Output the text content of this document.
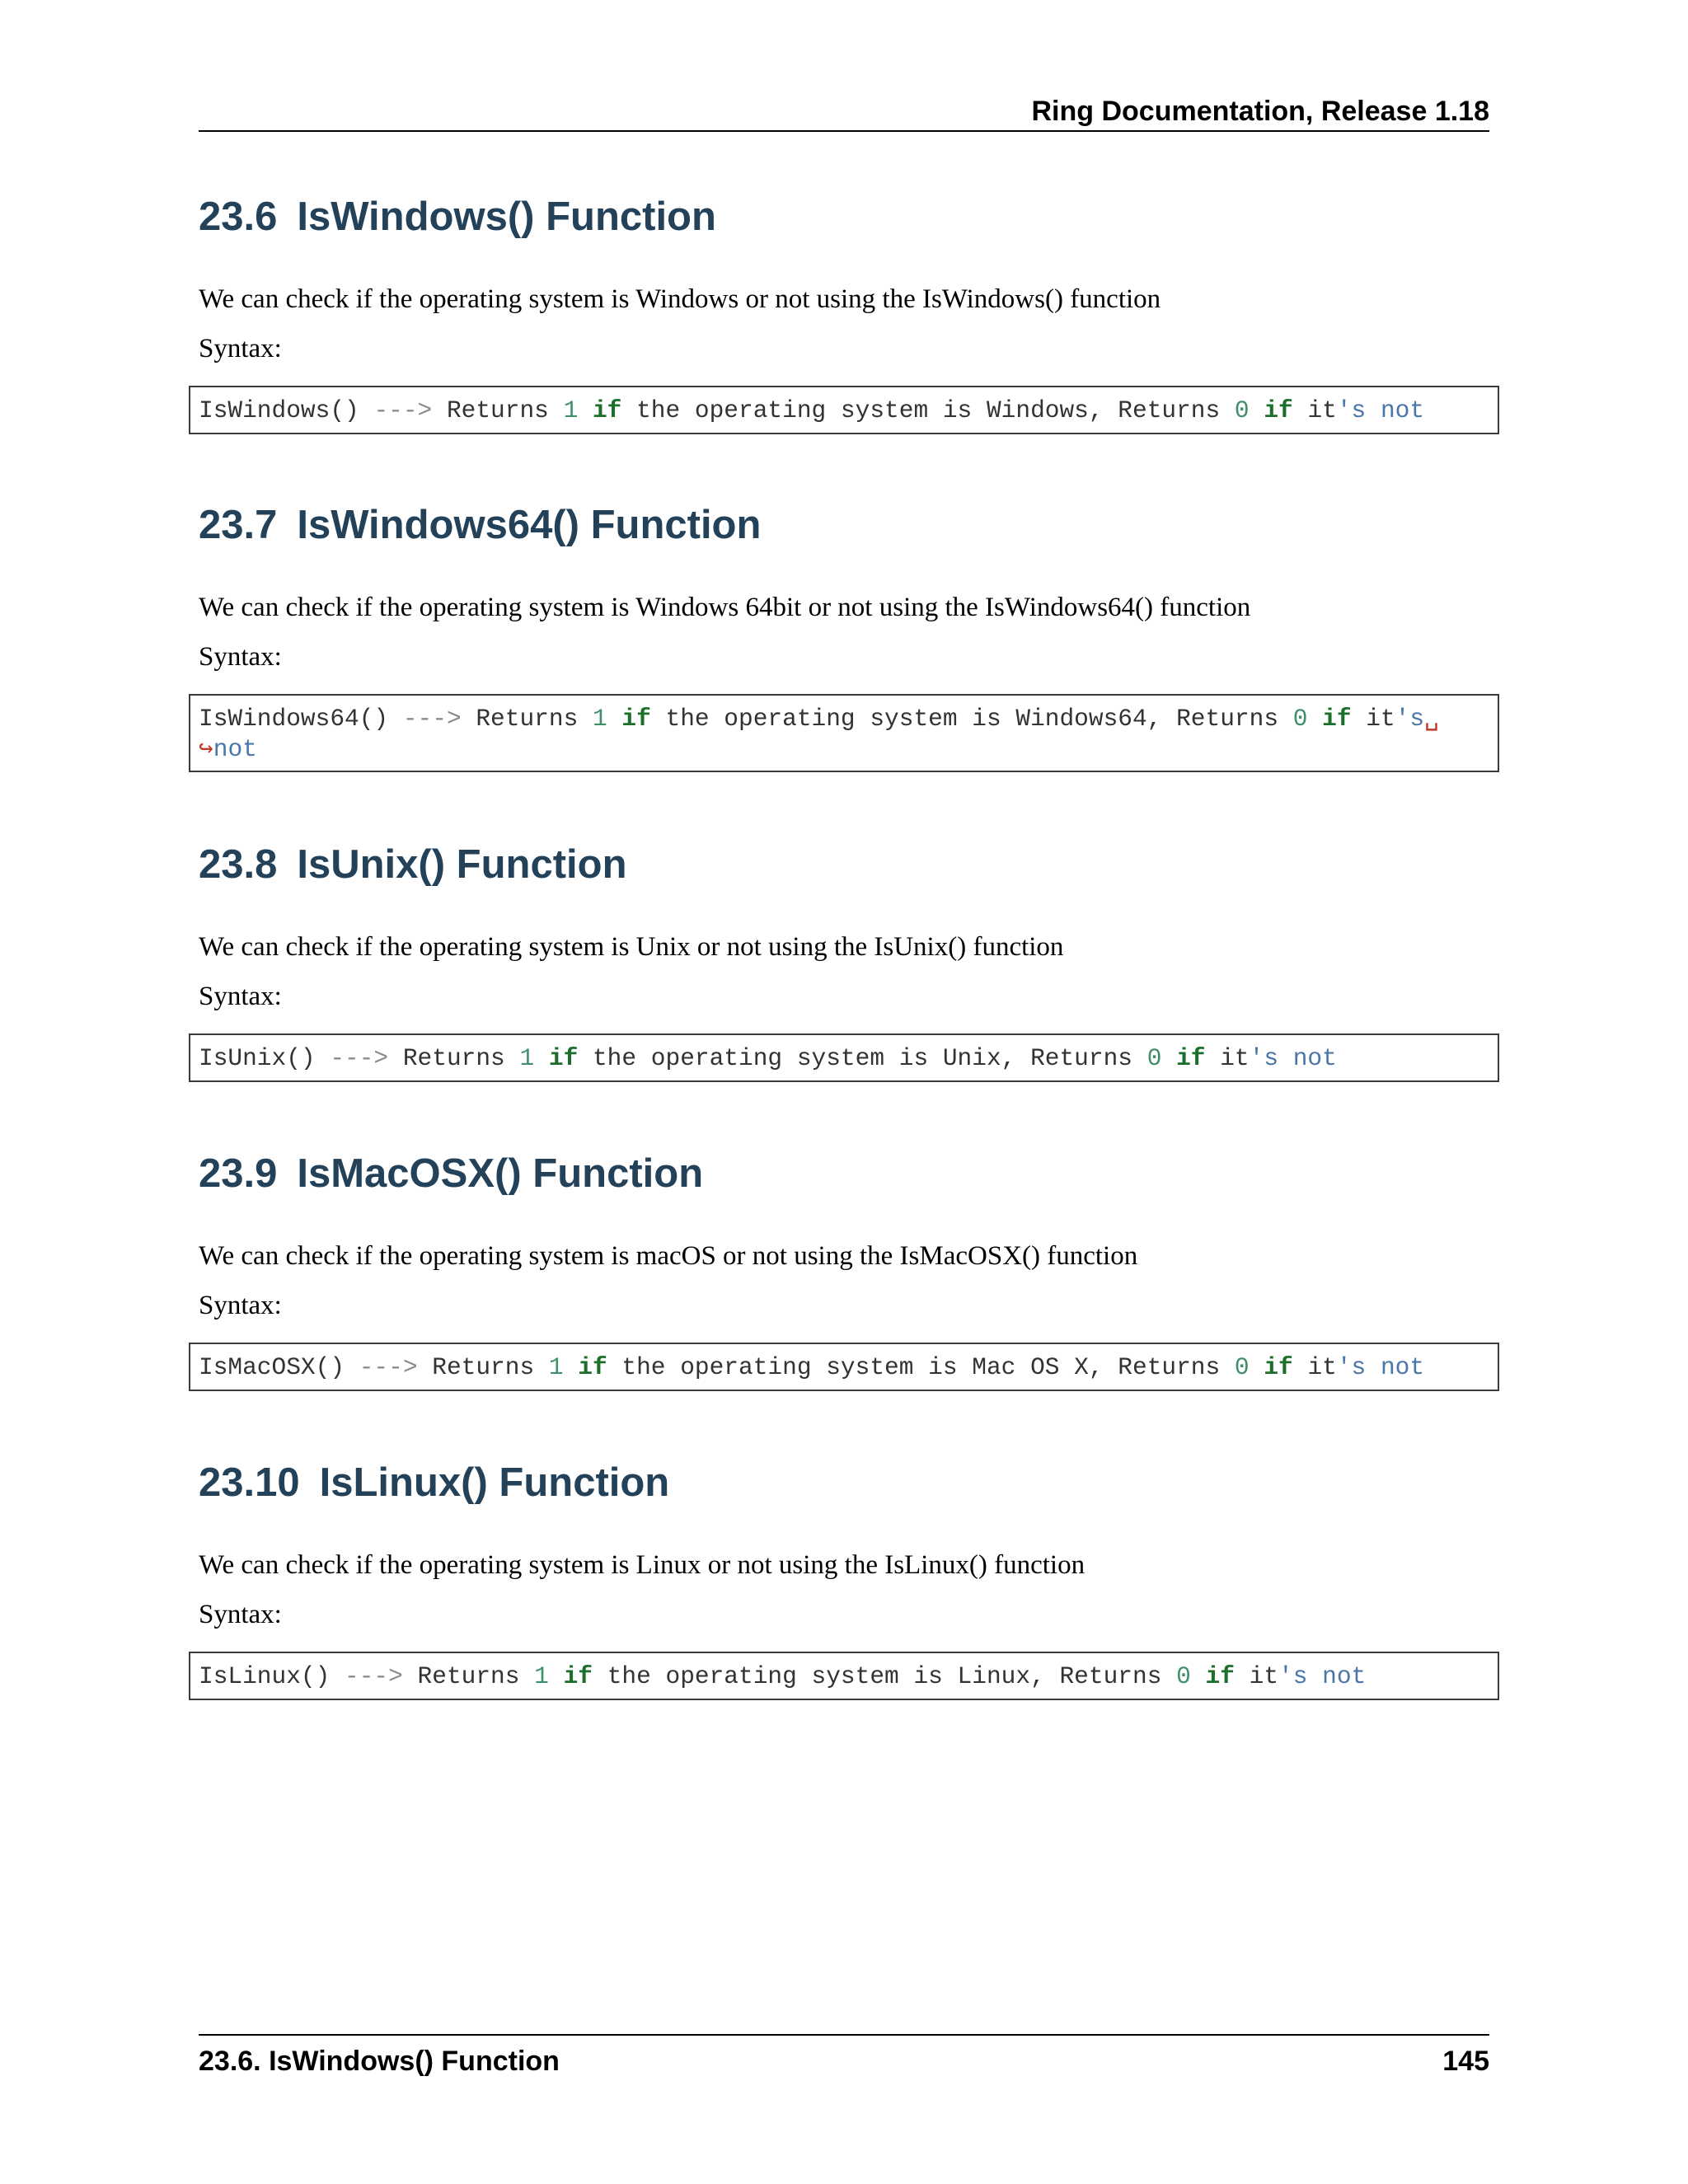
Ring Documentation, Release 1.18
23.6 IsWindows() Function

We can check if the operating system is Windows or not using the IsWindows() function

Syntax:

IsWindows() ---> Returns 1 if the operating system is Windows, Returns 0 if it's not
23.7 IsWindows64() Function

We can check if the operating system is Windows 64bit or not using the IsWindows64() function

Syntax:

IsWindows64() ---> Returns 1 if the operating system is Windows64, Returns 0 if it's␣
↪not
23.8 IsUnix() Function

We can check if the operating system is Unix or not using the IsUnix() function

Syntax:

IsUnix() ---> Returns 1 if the operating system is Unix, Returns 0 if it's not
23.9 IsMacOSX() Function

We can check if the operating system is macOS or not using the IsMacOSX() function

Syntax:

IsMacOSX() ---> Returns 1 if the operating system is Mac OS X, Returns 0 if it's not
23.10 IsLinux() Function

We can check if the operating system is Linux or not using the IsLinux() function

Syntax:

IsLinux() ---> Returns 1 if the operating system is Linux, Returns 0 if it's not
23.6. IsWindows() Function	145
